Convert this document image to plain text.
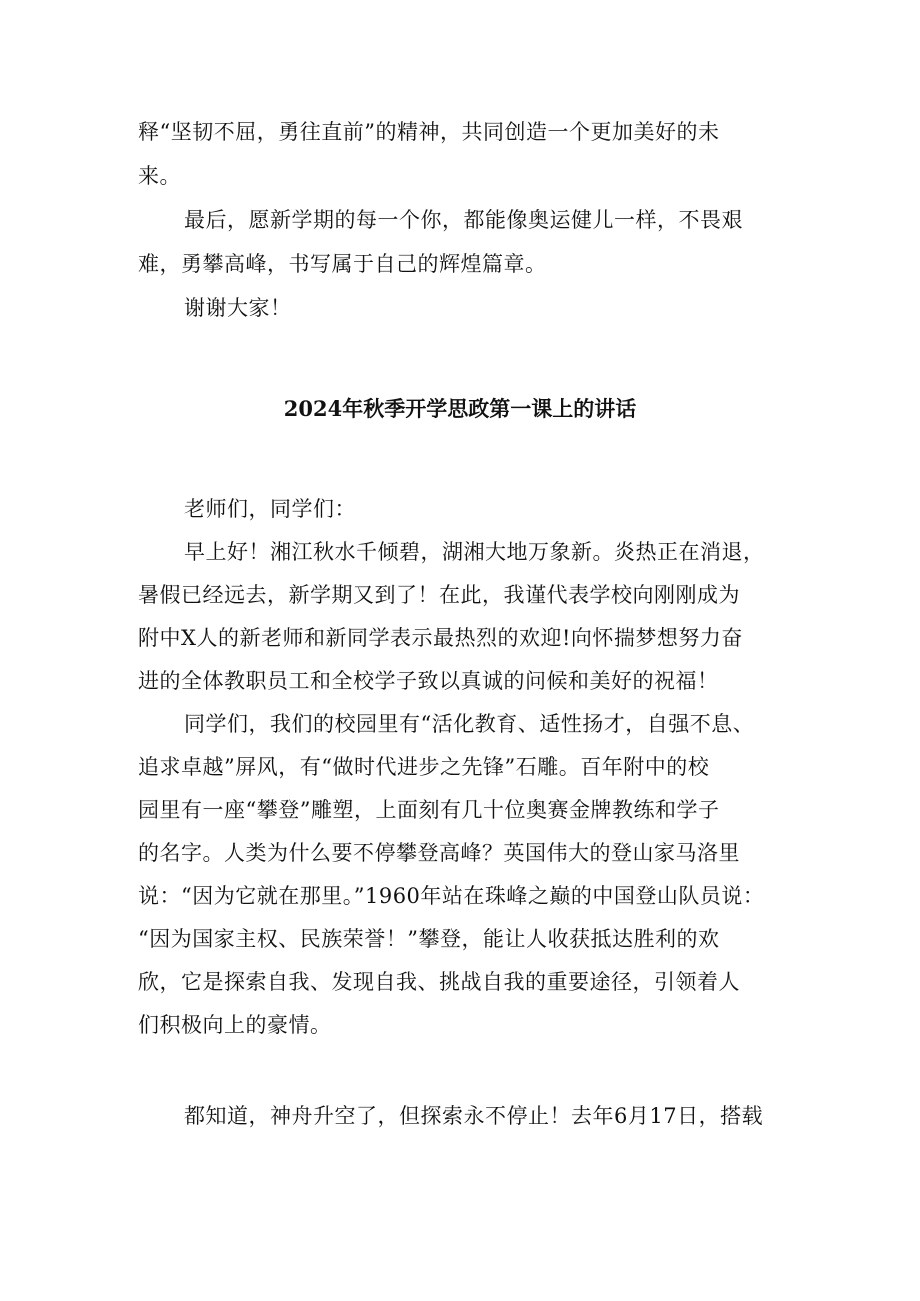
释“坚韧不屈，勇往直前”的精神，共同创造一个更加美好的未
来。
最后，愿新学期的每一个你，都能像奥运健儿一样，不畏艰
难，勇攀高峰，书写属于自己的辉煌篇章。
谢谢大家！
2024年秋季开学思政第一课上的讲话
老师们，同学们：
早上好！湘江秋水千倾碧，湖湘大地万象新。炎热正在消退，
暑假已经远去，新学期又到了！在此，我谨代表学校向刚刚成为
附中X人的新老师和新同学表示最热烈的欢迎!向怀揣梦想努力奋
进的全体教职员工和全校学子致以真诚的问候和美好的祝福！
同学们，我们的校园里有“活化教育、适性扬才，自强不息、
追求卓越”屏风，有“做时代进步之先锋”石雕。百年附中的校
园里有一座“攀登”雕塑，上面刻有几十位奥赛金牌教练和学子
的名字。人类为什么要不停攀登高峰？英国伟大的登山家马洛里
说：“因为它就在那里。”1960年站在珠峰之巅的中国登山队员说：
“因为国家主权、民族荣誉！”攀登，能让人收获抵达胜利的欢
欣，它是探索自我、发现自我、挑战自我的重要途径，引领着人
们积极向上的豪情。
都知道，神舟升空了，但探索永不停止！去年6月17日，搭载
